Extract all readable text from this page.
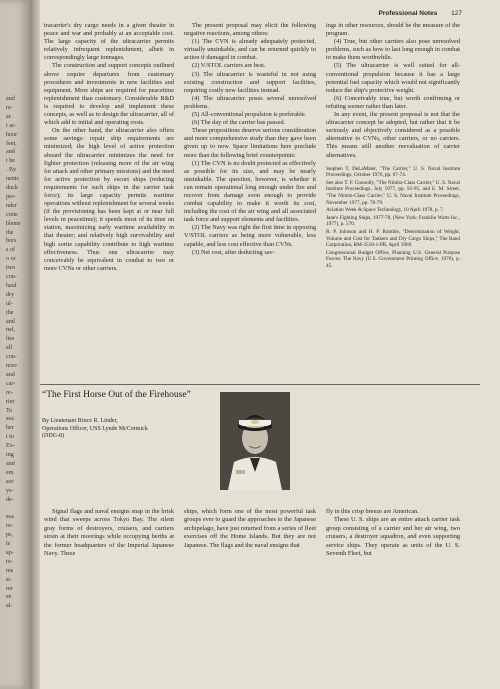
and
re-
ar.
t ac-
hour
feet,
and
t be
. By
nents
duck
pre-
nder
crete
blems
the
bors
s of
o or
two
con-
haul
dry
ul-
the
and
nel,
lies
all
con-
nore
and
car-
re-
rier
To
sea
ber
t to
Ex-
ing
and
em
sor
ys-
de-
sea
to-
ps,
is
ap-
to-
ms
st-
rer
ee
al-
Professional Notes 127

tracarrier's dry cargo needs in a given theater in peace and war and probably at an acceptable cost. The large capacity of the ultracarrier permits relatively infrequent replenishment, albeit in correspondingly large tonnages.

The construction and support concepts outlined above require departures from customary procedures and investments in new facilities and equipment. More ships are required for peacetime replenishment than customary. Considerable R&D is required to develop and implement these concepts, as well as to design the ultracarrier, all of which add to initial and operating costs.

On the other hand, the ultracarrier also offers some savings: repair ship requirements are minimized; the high level of active protection aboard the ultracarrier minimizes the need for fighter protection (releasing more of the air wing for attack and other primary missions) and the need for active protection by escort ships (reducing requirements for such ships in the carrier task force); its large capacity permits wartime operations without replenishment for several weeks (if the provisioning has been kept at or near full levels in peacetime); it spends most of its time on station, maximizing early wartime availability in that theater; and relatively high survivability and high sortie capability contribute to high wartime effectiveness. Thus one ultracarrier may conceivably be equivalent in combat to two or more CVNs or other carriers.

The present proposal may elicit the following negative reactions, among others:

(1) The CVN is already adequately protected, virtually unsinkable, and can be returned quickly to action if damaged in combat.

(2) V/STOL carriers are best.

(3) The ultracarrier is wasteful in not using existing construction and support facilities, requiring costly new facilities instead.

(4) The ultracarrier poses several unresolved problems.

(5) All-conventional propulsion is preferable.

(6) The day of the carrier has passed.

These propositions deserve serious consideration and more comprehensive study than they gave been given up to now. Space limitations here preclude more than the following brief counterpoints:

(1) The CVN is no doubt protected as effectively as possible for its size, and may be nearly unsinkable. The question, however, is whether it can remain operational long enough under fire and recover from damage soon enough to provide combat capability to make it worth its cost, including the cost of the air wing and all associated task force and support elements and facilities.

(2) The Navy was right the first time in opposing V/STOL carriers as being more vulnerable, less capable, and less cost effective than CVNs.

(3) Net cost, after deducting sav-

ings in other resources, should be the measure of the program.

(4) True, but other carriers also pose unresolved problems, such as how to last long enough in combat to make them worthwhile.

(5) The ultracarrier is well suited for all-conventional propulsion because it has a large potential fuel capacity which would not significantly reduce the ship's protective weight.

(6) Conceivably true, but worth confirming or refuting sooner rather than later.

In any event, the present proposal is not that the ultracarrier concept be adopted, but rather that it be seriously and objectively considered as a possible alternative to CVNs, other carriers, or no carriers. This means still another reevaluation of carrier alternatives.

Stephen T. DeLaMater, "The Carrier," U. S. Naval Institute Proceedings, October 1976, pp. 67-74.
See also T. F. Connolly, "The Nimitz-Class Carrier," U. S. Naval Institute Proceedings, July 1977, pp. 93-95, and E. M. Street, "The Nimitz-Class Carrier," U. S. Naval Institute Proceedings, November 1977, pp. 78-79.
Aviation Week & Space Technology, 10 April 1978, p. 7.
Jane's Fighting Ships, 1977-78, (New York: Franklin Watts Inc., 1977), p. 570.
R. P. Johnson and H. P. Rumble, "Determination of Weight, Volume and Cost for Tankers and Dry Cargo Ships," The Rand Corporation, RM-3518-1-PR, April 1969.
Congressional Budget Office, Planning U.S. General Purpose Forces: The Navy (U.S. Government Printing Office, 1976), p. 45.
“The First Horse Out of the Firehouse”
By Lieutenant Bruce R. Linder,
Operations Officer, USS Lynde McCormick
(DDG-8)

Signal flags and naval ensigns snap in the brisk wind that sweeps across Tokyo Bay. The silent gray forms of destroyers, cruisers, and carriers strain at their moorings while occupying berths at the former headquarters of the Imperial Japanese Navy. These

ships, which form one of the most powerful task groups ever to guard the approaches to the Japanese archipelago, have just returned from a series of fleet exercises off the Home Islands. But they are not Japanese. The flags and the naval ensigns that

fly in this crisp breeze are American.

These U. S. ships are an entire attack carrier task group consisting of a carrier and her air wing, two cruisers, a destroyer squadron, and even supporting service ships. They operate as units of the U. S. Seventh Fleet, but
